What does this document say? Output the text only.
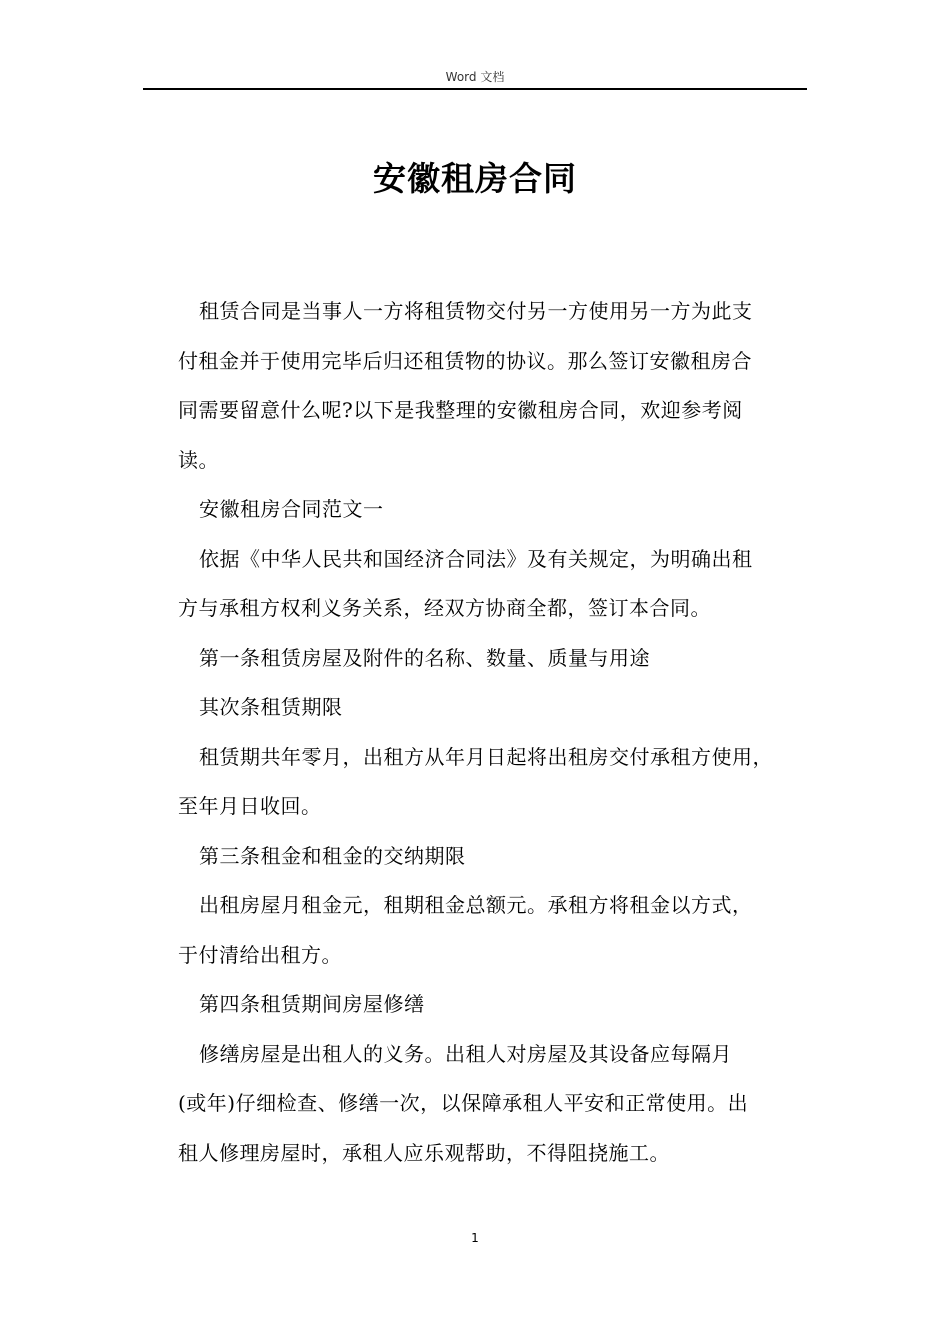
Word 文档
安徽租房合同

租赁合同是当事人一方将租赁物交付另一方使用另一方为此支
付租金并于使用完毕后归还租赁物的协议。那么签订安徽租房合
同需要留意什么呢?以下是我整理的安徽租房合同，欢迎参考阅
读。

安徽租房合同范文一

依据《中华人民共和国经济合同法》及有关规定，为明确出租
方与承租方权利义务关系，经双方协商全都，签订本合同。

第一条租赁房屋及附件的名称、数量、质量与用途

其次条租赁期限

租赁期共年零月，出租方从年月日起将出租房交付承租方使用，
至年月日收回。

第三条租金和租金的交纳期限

出租房屋月租金元，租期租金总额元。承租方将租金以方式，
于付清给出租方。

第四条租赁期间房屋修缮

修缮房屋是出租人的义务。出租人对房屋及其设备应每隔月
(或年)仔细检查、修缮一次，以保障承租人平安和正常使用。出
租人修理房屋时，承租人应乐观帮助，不得阻挠施工。

1
